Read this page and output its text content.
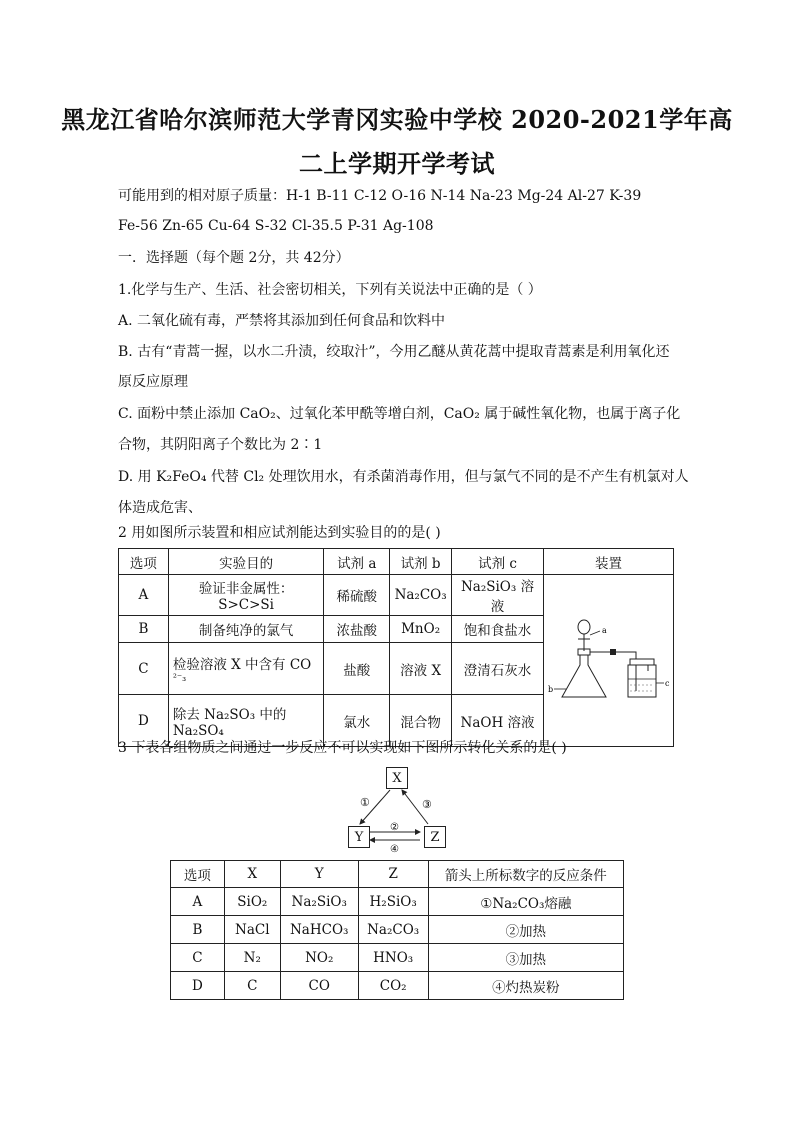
黑龙江省哈尔滨师范大学青冈实验中学校 2020-2021学年高
二上学期开学考试
可能用到的相对原子质量：H-1 B-11 C-12 O-16 N-14 Na-23 Mg-24 Al-27 K-39
Fe-56 Zn-65 Cu-64 S-32 Cl-35.5 P-31 Ag-108
一．选择题（每个题 2分，共 42分）
1.化学与生产、生活、社会密切相关，下列有关说法中正确的是（ ）
A. 二氧化硫有毒，严禁将其添加到任何食品和饮料中
B. 古有“青蒿一握，以水二升渍，绞取汁”，今用乙醚从黄花蒿中提取青蒿素是利用氧化还
原反应原理
C. 面粉中禁止添加 CaO₂、过氧化苯甲酰等增白剂，CaO₂ 属于碱性氧化物，也属于离子化
合物，其阴阳离子个数比为 2∶1
D. 用 K₂FeO₄ 代替 Cl₂ 处理饮用水，有杀菌消毒作用，但与氯气不同的是不产生有机氯对人
体造成危害、
2 用如图所示装置和相应试剂能达到实验目的的是( )
选项	实验目的	试剂 a	试剂 b	试剂 c	装置
A	验证非金属性：S>C>Si	稀硫酸	Na₂CO₃	Na₂SiO₃ 溶液	a
b
c

B	制备纯净的氯气	浓盐酸	MnO₂	饱和食盐水	
C	检验溶液 X 中含有 CO
²⁻₃	盐酸	溶液 X	澄清石灰水	
D	除去 Na₂SO₃ 中的
Na₂SO₄	氯水	混合物	NaOH 溶液	
3 下表各组物质之间通过一步反应不可以实现如下图所示转化关系的是( )
①	③
②
④
X
Y	Z
选项	X	Y	Z	箭头上所标数字的反应条件
A	SiO₂	Na₂SiO₃	H₂SiO₃	①Na₂CO₃熔融
B	NaCl	NaHCO₃	Na₂CO₃	②加热
C	N₂	NO₂	HNO₃	③加热
D	C	CO	CO₂	④灼热炭粉
